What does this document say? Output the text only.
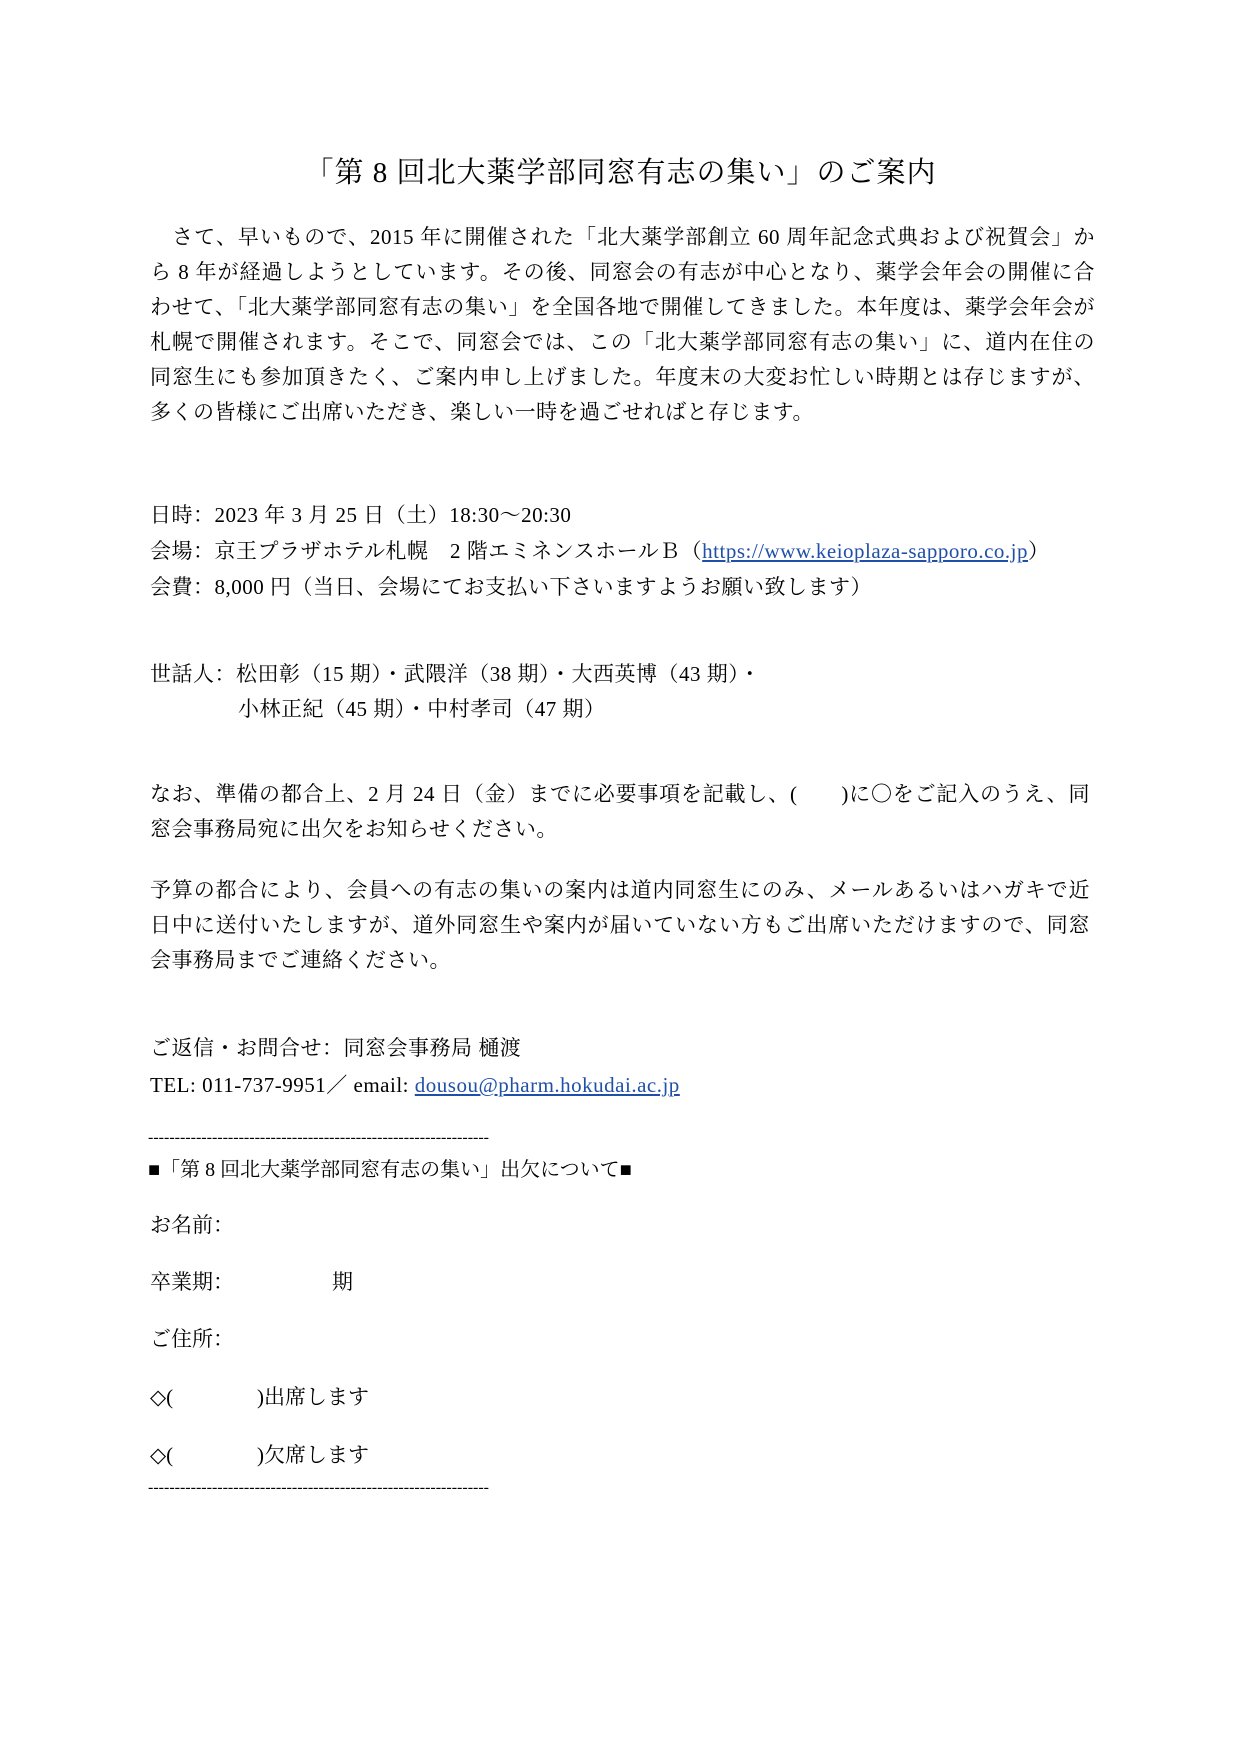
「第 8 回北大薬学部同窓有志の集い」のご案内
　さて、早いもので、2015 年に開催された「北大薬学部創立 60 周年記念式典および祝賀会」か
ら 8 年が経過しようとしています。その後、同窓会の有志が中心となり、薬学会年会の開催に合
わせて、「北大薬学部同窓有志の集い」を全国各地で開催してきました。本年度は、薬学会年会が
札幌で開催されます。そこで、同窓会では、この「北大薬学部同窓有志の集い」に、道内在住の
同窓生にも参加頂きたく、ご案内申し上げました。年度末の大変お忙しい時期とは存じますが、
多くの皆様にご出席いただき、楽しい一時を過ごせればと存じます。
日時：2023 年 3 月 25 日（土）18:30〜20:30
会場：京王プラザホテル札幌　2 階エミネンスホールＢ（https://www.keioplaza-sapporo.co.jp）
会費：8,000 円（当日、会場にてお支払い下さいますようお願い致します）
世話人：松田彰（15 期）・武隈洋（38 期）・大西英博（43 期）・
小林正紀（45 期）・中村孝司（47 期）
なお、準備の都合上、2 月 24 日（金）までに必要事項を記載し、(　　)に〇をご記入のうえ、同
窓会事務局宛に出欠をお知らせください。
予算の都合により、会員への有志の集いの案内は道内同窓生にのみ、メールあるいはハガキで近
日中に送付いたしますが、道外同窓生や案内が届いていない方もご出席いただけますので、同窓
会事務局までご連絡ください。
ご返信・お問合せ：同窓会事務局 樋渡
TEL: 011-737-9951／ email: dousou@pharm.hokudai.ac.jp
----------------------------------------------------------------
■「第 8 回北大薬学部同窓有志の集い」出欠について■
お名前：
卒業期：	期
ご住所：
◇(	)出席します
◇(	)欠席します
----------------------------------------------------------------
